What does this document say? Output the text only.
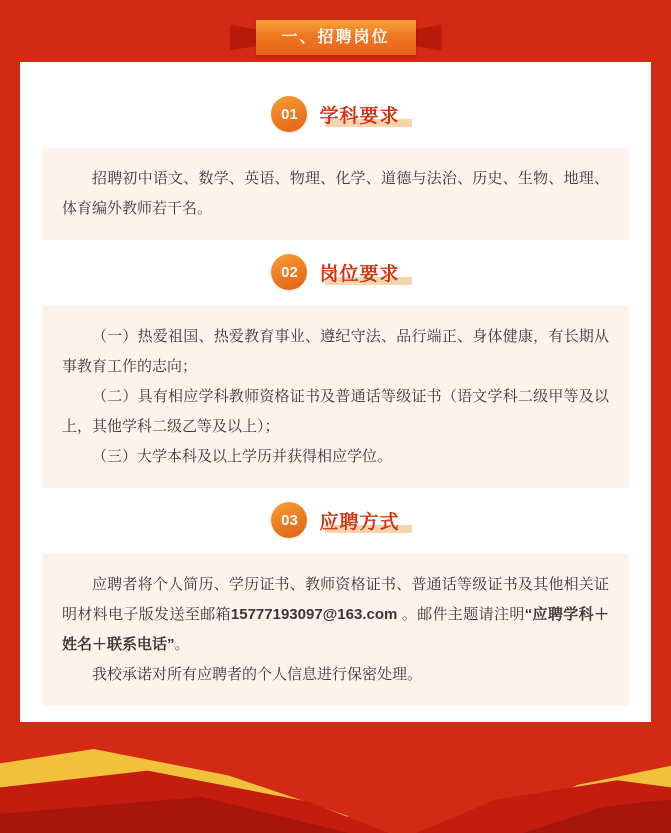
一、招聘岗位
01	学科要求

招聘初中语文、数学、英语、物理、化学、道德与法治、历史、生物、地理、体育编外教师若干名。

02	岗位要求

（一）热爱祖国、热爱教育事业、遵纪守法、品行端正、身体健康，有长期从事教育工作的志向；

（二）具有相应学科教师资格证书及普通话等级证书（语文学科二级甲等及以上，其他学科二级乙等及以上）；

（三）大学本科及以上学历并获得相应学位。

03	应聘方式

应聘者将个人简历、学历证书、教师资格证书、普通话等级证书及其他相关证明材料电子版发送至邮箱15777193097@163.com 。邮件主题请注明“应聘学科＋姓名＋联系电话”。

我校承诺对所有应聘者的个人信息进行保密处理。
